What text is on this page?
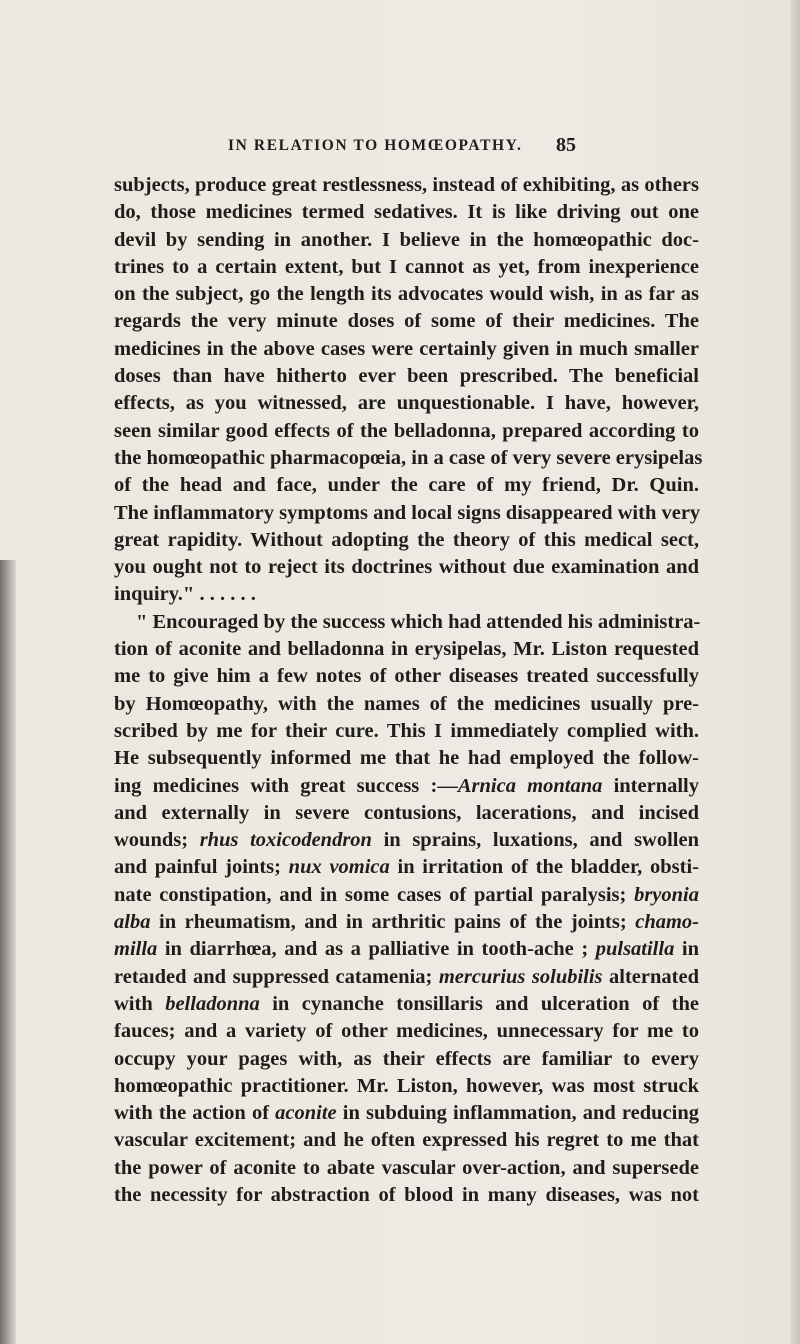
IN RELATION TO HOMŒOPATHY. 85
subjects, produce great restlessness, instead of exhibiting, as others
do, those medicines termed sedatives. It is like driving out one
devil by sending in another. I believe in the homœopathic doc-
trines to a certain extent, but I cannot as yet, from inexperience
on the subject, go the length its advocates would wish, in as far as
regards the very minute doses of some of their medicines. The
medicines in the above cases were certainly given in much smaller
doses than have hitherto ever been prescribed. The beneficial
effects, as you witnessed, are unquestionable. I have, however,
seen similar good effects of the belladonna, prepared according to
the homœopathic pharmacopœia, in a case of very severe erysipelas
of the head and face, under the care of my friend, Dr. Quin.
The inflammatory symptoms and local signs disappeared with very
great rapidity. Without adopting the theory of this medical sect,
you ought not to reject its doctrines without due examination and
inquiry." . . . . . .
" Encouraged by the success which had attended his administra-
tion of aconite and belladonna in erysipelas, Mr. Liston requested
me to give him a few notes of other diseases treated successfully
by Homœopathy, with the names of the medicines usually pre-
scribed by me for their cure. This I immediately complied with.
He subsequently informed me that he had employed the follow-
ing medicines with great success :—Arnica montana internally
and externally in severe contusions, lacerations, and incised
wounds; rhus toxicodendron in sprains, luxations, and swollen
and painful joints; nux vomica in irritation of the bladder, obsti-
nate constipation, and in some cases of partial paralysis; bryonia
alba in rheumatism, and in arthritic pains of the joints; chamo-
milla in diarrhœa, and as a palliative in tooth-ache ; pulsatilla in
retaıded and suppressed catamenia; mercurius solubilis alternated
with belladonna in cynanche tonsillaris and ulceration of the
fauces; and a variety of other medicines, unnecessary for me to
occupy your pages with, as their effects are familiar to every
homœopathic practitioner. Mr. Liston, however, was most struck
with the action of aconite in subduing inflammation, and reducing
vascular excitement; and he often expressed his regret to me that
the power of aconite to abate vascular over-action, and supersede
the necessity for abstraction of blood in many diseases, was not
